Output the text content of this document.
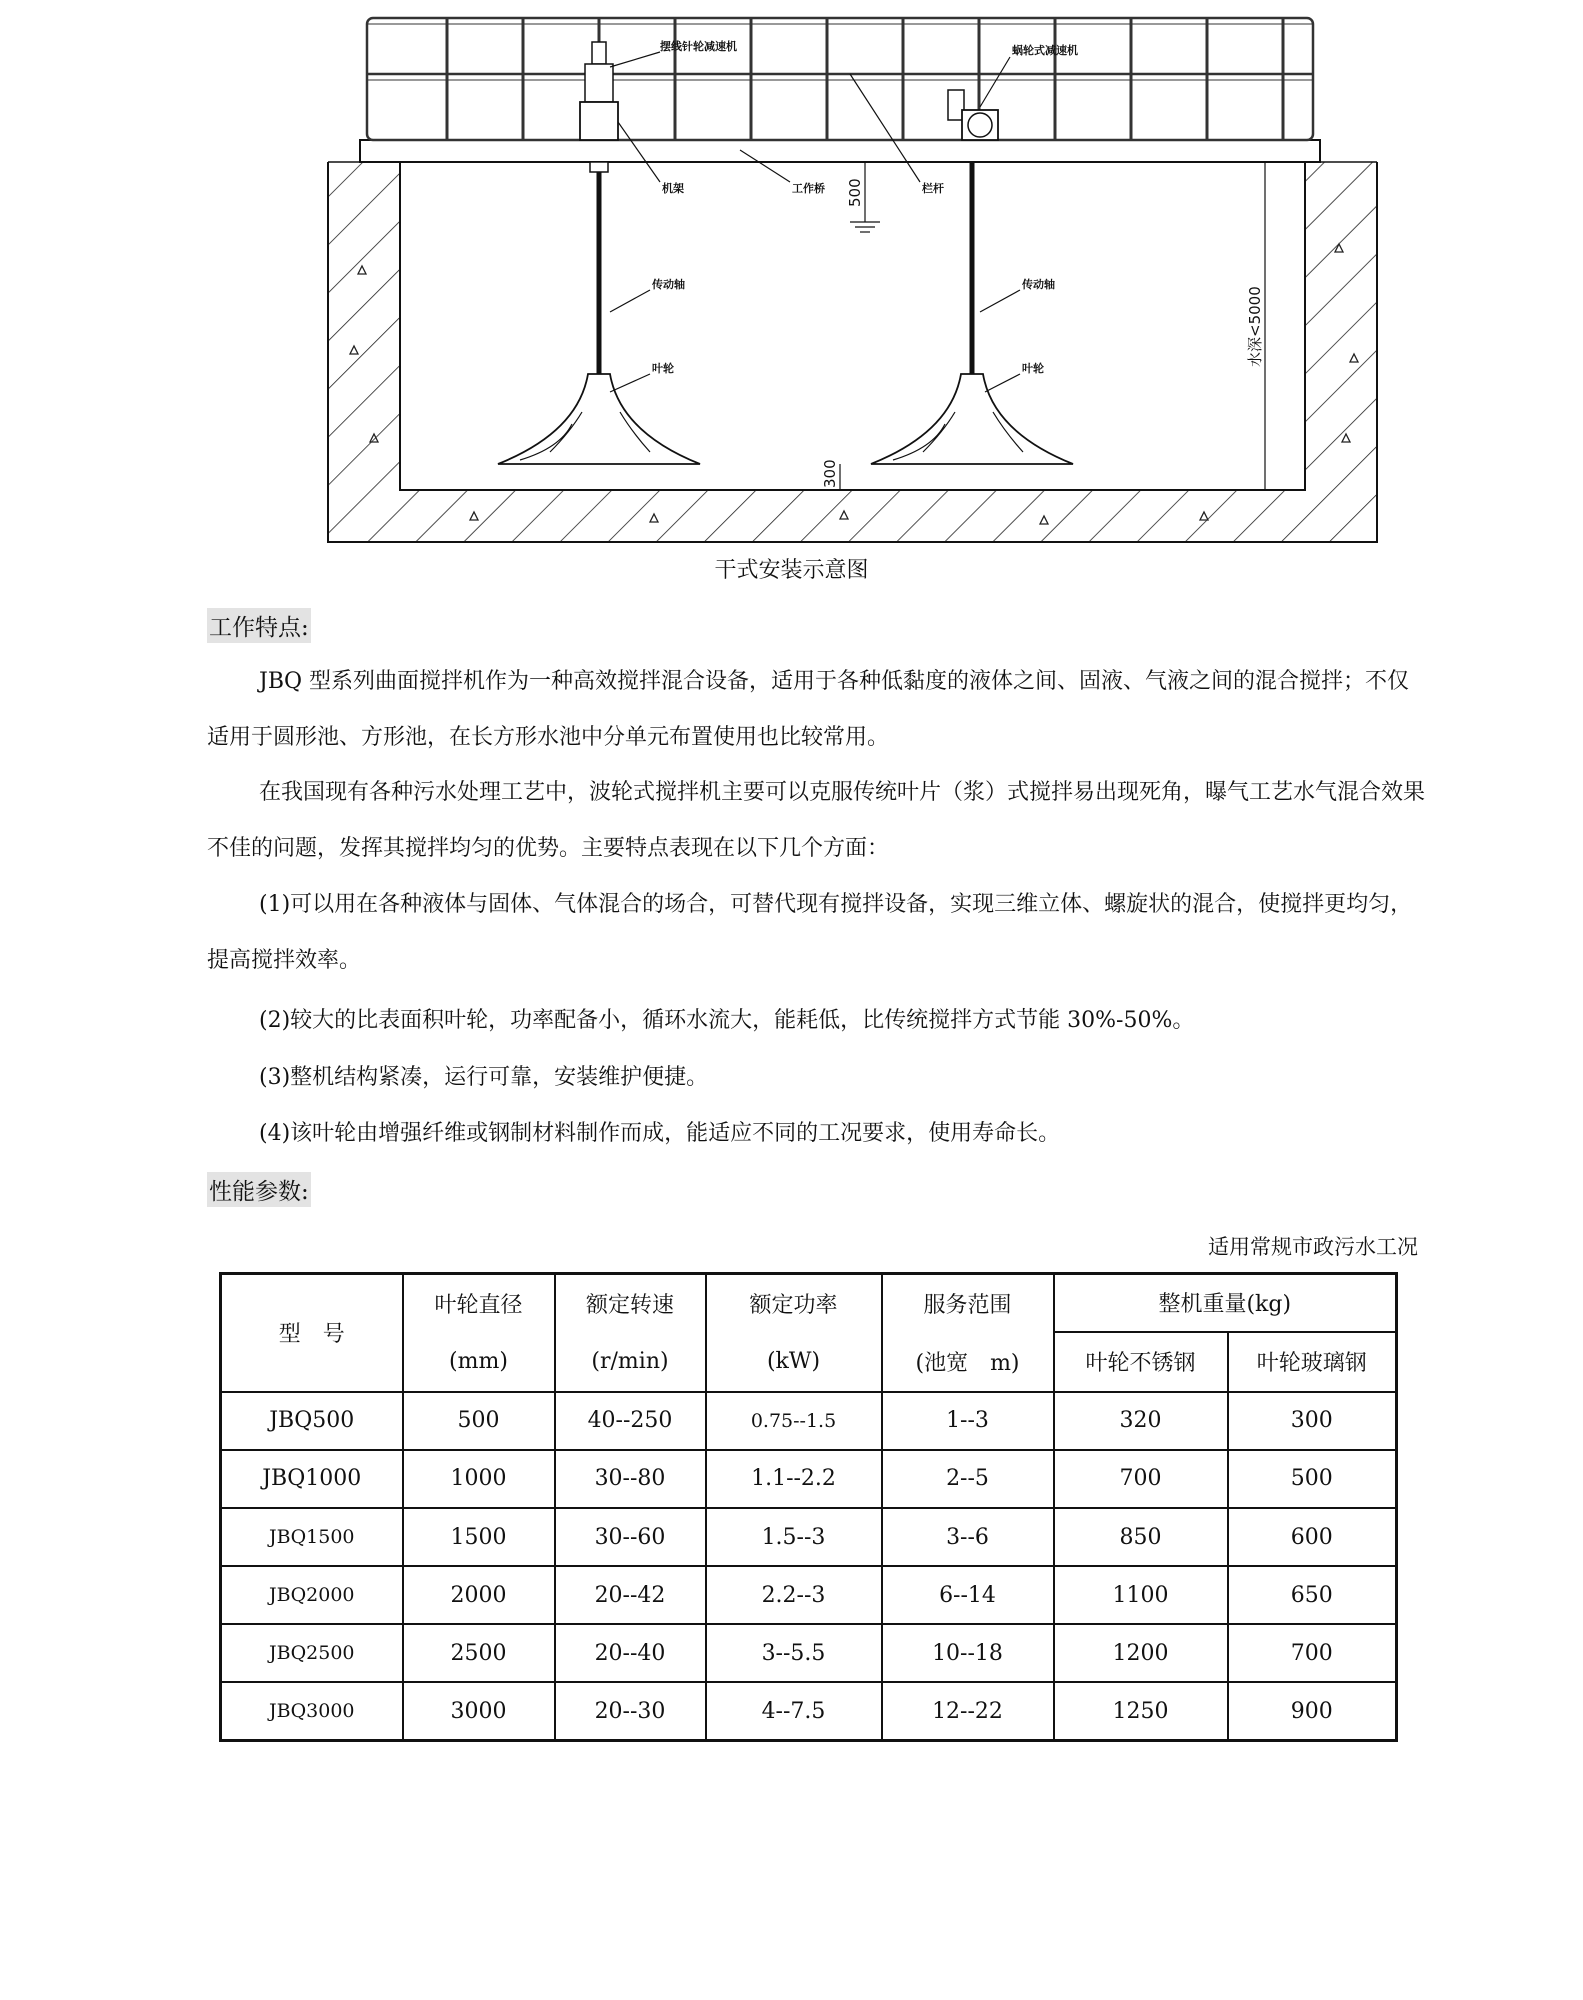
摆线针轮减速机	蜗轮式减速机
机架	工作桥	栏杆
传动轴	传动轴
叶轮	叶轮
500
300
水深<5000
干式安装示意图
工作特点:
JBQ 型系列曲面搅拌机作为一种高效搅拌混合设备，适用于各种低黏度的液体之间、固液、气液之间的混合搅拌；不仅适用于圆形池、方形池，在长方形水池中分单元布置使用也比较常用。
在我国现有各种污水处理工艺中，波轮式搅拌机主要可以克服传统叶片（浆）式搅拌易出现死角，曝气工艺水气混合效果不佳的问题，发挥其搅拌均匀的优势。主要特点表现在以下几个方面：
(1)可以用在各种液体与固体、气体混合的场合，可替代现有搅拌设备，实现三维立体、螺旋状的混合，使搅拌更均匀，提高搅拌效率。
(2)较大的比表面积叶轮，功率配备小，循环水流大，能耗低，比传统搅拌方式节能 30%-50%。
(3)整机结构紧凑，运行可靠，安装维护便捷。
(4)该叶轮由增强纤维或钢制材料制作而成，能适应不同的工况要求，使用寿命长。
性能参数:
适用常规市政污水工况
型　号	叶轮直径	额定转速	额定功率	服务范围	整机重量(kg)	
	(mm)	(r/min)	(kW)	(池宽　m)	叶轮不锈钢	叶轮玻璃钢
JBQ500	500	40--250	0.75--1.5	1--3	320	300
JBQ1000	1000	30--80	1.1--2.2	2--5	700	500
JBQ1500	1500	30--60	1.5--3	3--6	850	600
JBQ2000	2000	20--42	2.2--3	6--14	1100	650
JBQ2500	2500	20--40	3--5.5	10--18	1200	700
JBQ3000	3000	20--30	4--7.5	12--22	1250	900
